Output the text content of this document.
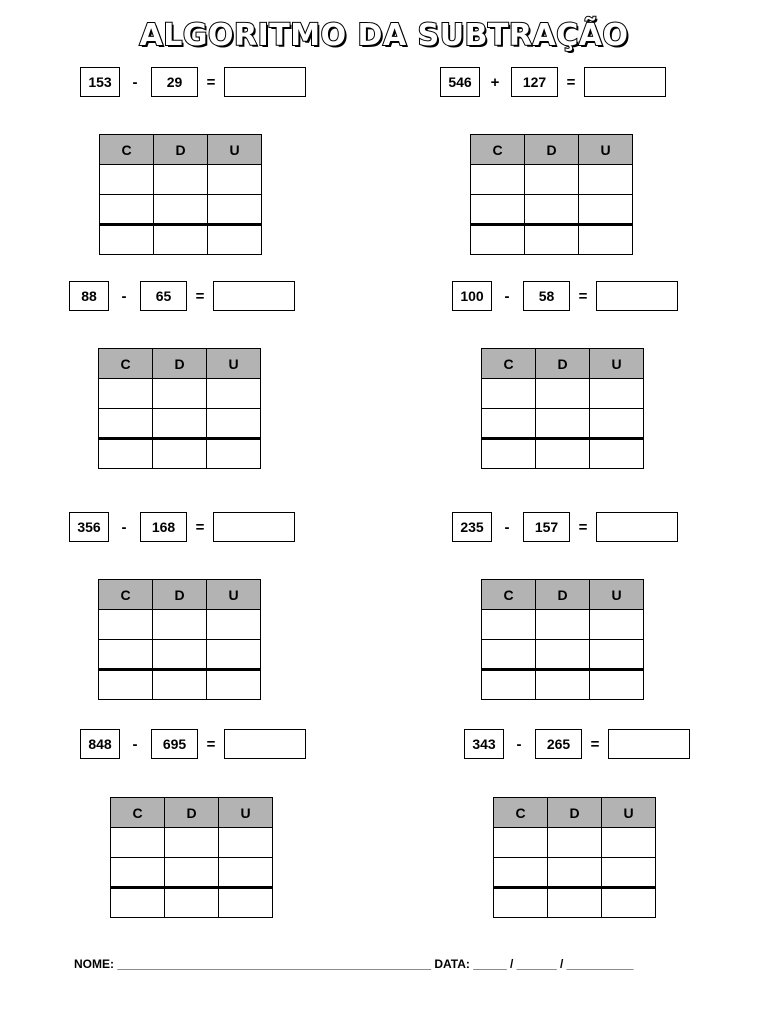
ALGORITMO DA SUBTRAÇÃO
153	-	29	=
C	D	U

546	+	127	=
C	D	U

88	-	65	=
C	D	U

100	-	58	=
C	D	U

356	-	168	=
C	D	U

235	-	157	=
C	D	U

848	-	695	=
C	D	U

343	-	265	=
C	D	U

NOME: _______________________________________________ DATA: _____ / ______ / __________
